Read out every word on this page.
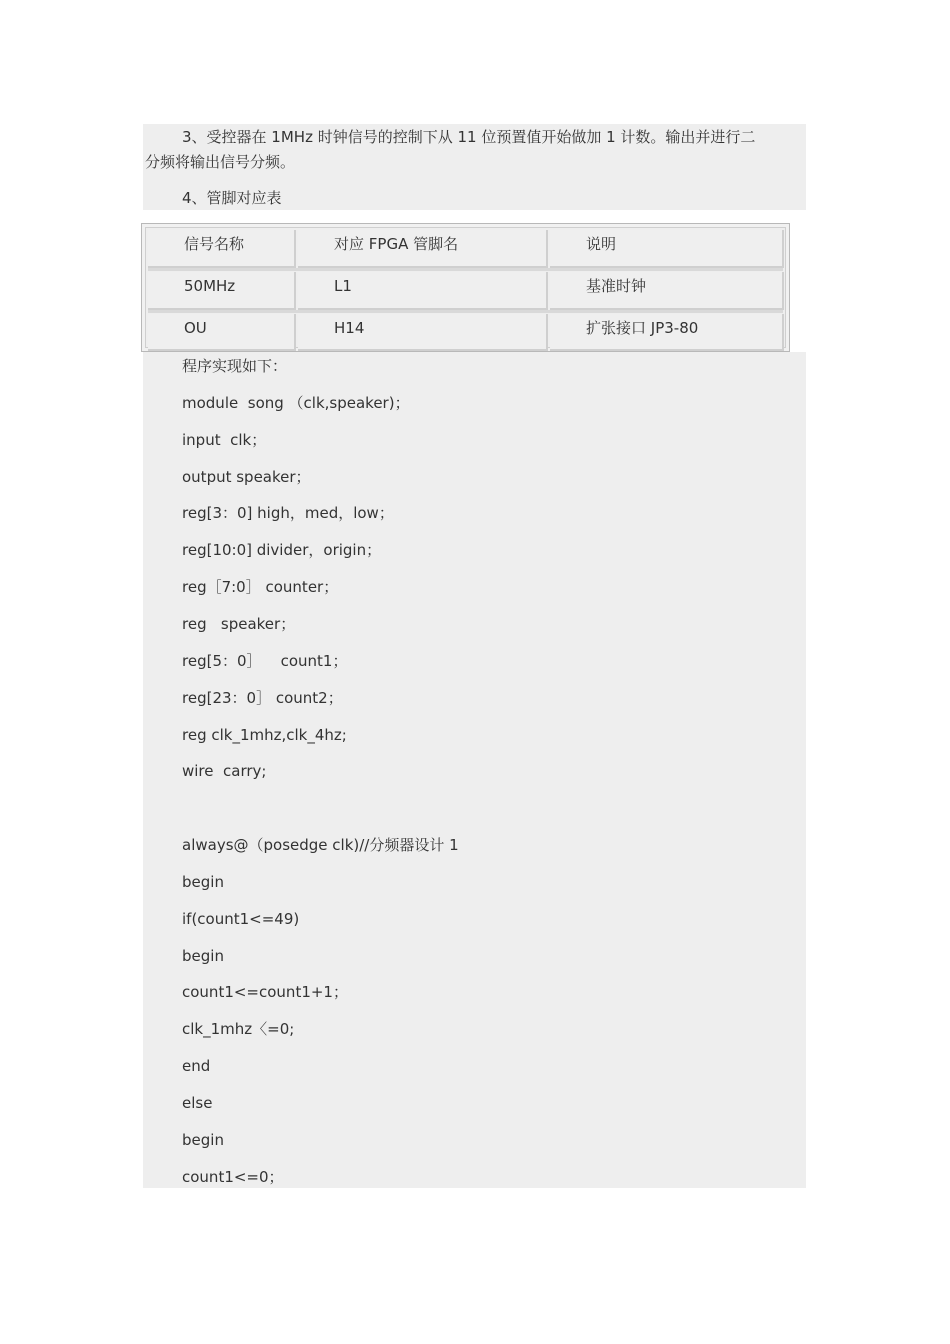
3、受控器在 1MHz 时钟信号的控制下从 11 位预置值开始做加 1 计数。输出并进行二
分频将输出信号分频。
4、管脚对应表
信号名称	对应 FPGA 管脚名	说明
50MHz	L1	基准时钟
OU	H14	扩张接口 JP3-80
程序实现如下：
module  song （clk,speaker)；
input  clk；
output speaker；
reg[3：0] high，med，low；
reg[10:0] divider，origin；
reg［7:0］ counter；
reg   speaker；
reg[5：0］    count1；
reg[23：0］ count2；
reg clk_1mhz,clk_4hz;
wire  carry;
always@（posedge clk)//分频器设计 1
begin
if(count1<=49)
begin
count1<=count1+1；
clk_1mhz〈=0;
end
else
begin
count1<=0；
